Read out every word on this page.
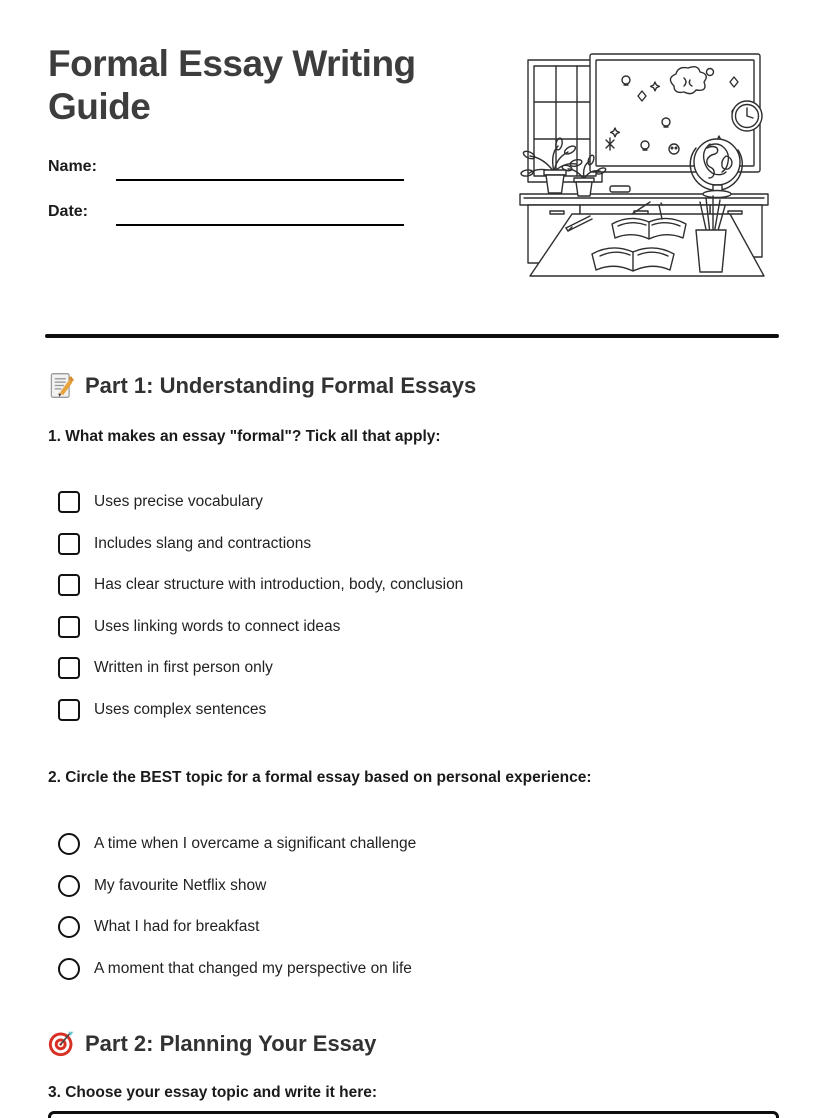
Formal Essay Writing Guide
Name:
Date:
Part 1: Understanding Formal Essays
1. What makes an essay "formal"? Tick all that apply:
Uses precise vocabulary
Includes slang and contractions
Has clear structure with introduction, body, conclusion
Uses linking words to connect ideas
Written in first person only
Uses complex sentences
2. Circle the BEST topic for a formal essay based on personal experience:
A time when I overcame a significant challenge
My favourite Netflix show
What I had for breakfast
A moment that changed my perspective on life
Part 2: Planning Your Essay
3. Choose your essay topic and write it here:
